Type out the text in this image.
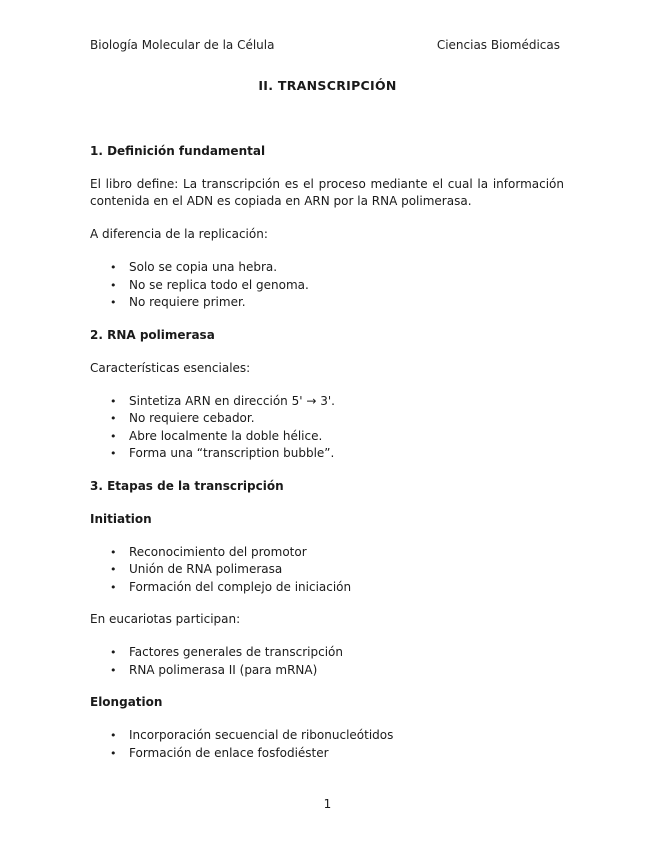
Biología Molecular de la Célula	Ciencias Biomédicas
II. TRANSCRIPCIÓN

1. Definición fundamental

El libro define: La transcripción es el proceso mediante el cual la información contenida en el ADN es copiada en ARN por la RNA polimerasa.

A diferencia de la replicación:

• Solo se copia una hebra.
• No se replica todo el genoma.
• No requiere primer.

2. RNA polimerasa

Características esenciales:

• Sintetiza ARN en dirección 5' → 3'.
• No requiere cebador.
• Abre localmente la doble hélice.
• Forma una “transcription bubble”.

3. Etapas de la transcripción

Initiation

• Reconocimiento del promotor
• Unión de RNA polimerasa
• Formación del complejo de iniciación

En eucariotas participan:

• Factores generales de transcripción
• RNA polimerasa II (para mRNA)

Elongation

• Incorporación secuencial de ribonucleótidos
• Formación de enlace fosfodiéster
1
